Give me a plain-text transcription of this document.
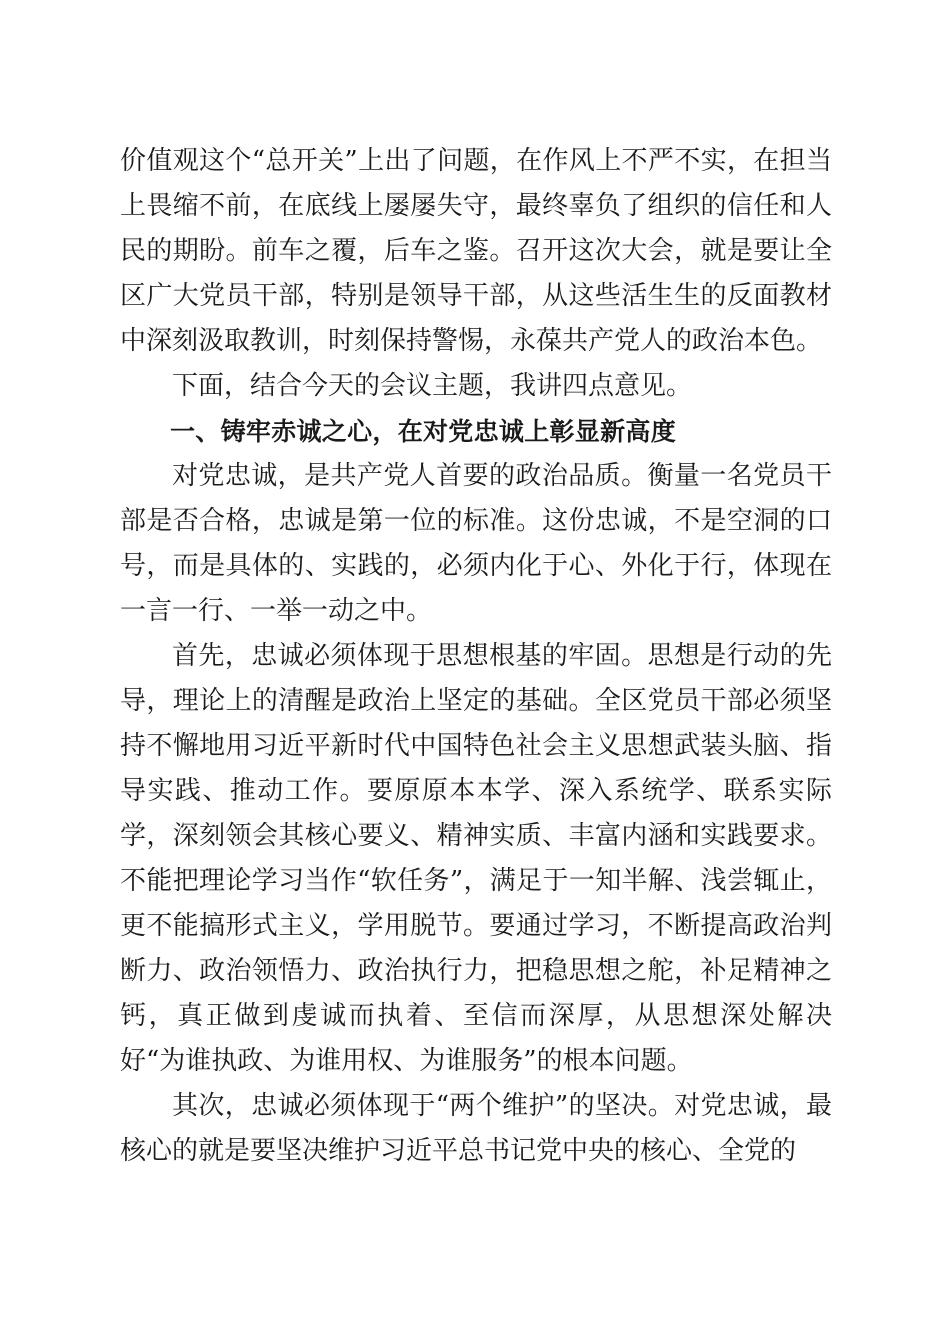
价值观这个“总开关”上出了问题，在作风上不严不实，在担当上畏缩不前，在底线上屡屡失守，最终辜负了组织的信任和人民的期盼。前车之覆，后车之鉴。召开这次大会，就是要让全区广大党员干部，特别是领导干部，从这些活生生的反面教材中深刻汲取教训，时刻保持警惕，永葆共产党人的政治本色。

下面，结合今天的会议主题，我讲四点意见。

一、铸牢赤诚之心，在对党忠诚上彰显新高度

对党忠诚，是共产党人首要的政治品质。衡量一名党员干部是否合格，忠诚是第一位的标准。这份忠诚，不是空洞的口号，而是具体的、实践的，必须内化于心、外化于行，体现在一言一行、一举一动之中。

首先，忠诚必须体现于思想根基的牢固。思想是行动的先导，理论上的清醒是政治上坚定的基础。全区党员干部必须坚持不懈地用习近平新时代中国特色社会主义思想武装头脑、指导实践、推动工作。要原原本本学、深入系统学、联系实际学，深刻领会其核心要义、精神实质、丰富内涵和实践要求。不能把理论学习当作“软任务”，满足于一知半解、浅尝辄止，更不能搞形式主义，学用脱节。要通过学习，不断提高政治判断力、政治领悟力、政治执行力，把稳思想之舵，补足精神之钙，真正做到虔诚而执着、至信而深厚，从思想深处解决好“为谁执政、为谁用权、为谁服务”的根本问题。

其次，忠诚必须体现于“两个维护”的坚决。对党忠诚，最核心的就是要坚决维护习近平总书记党中央的核心、全党的
